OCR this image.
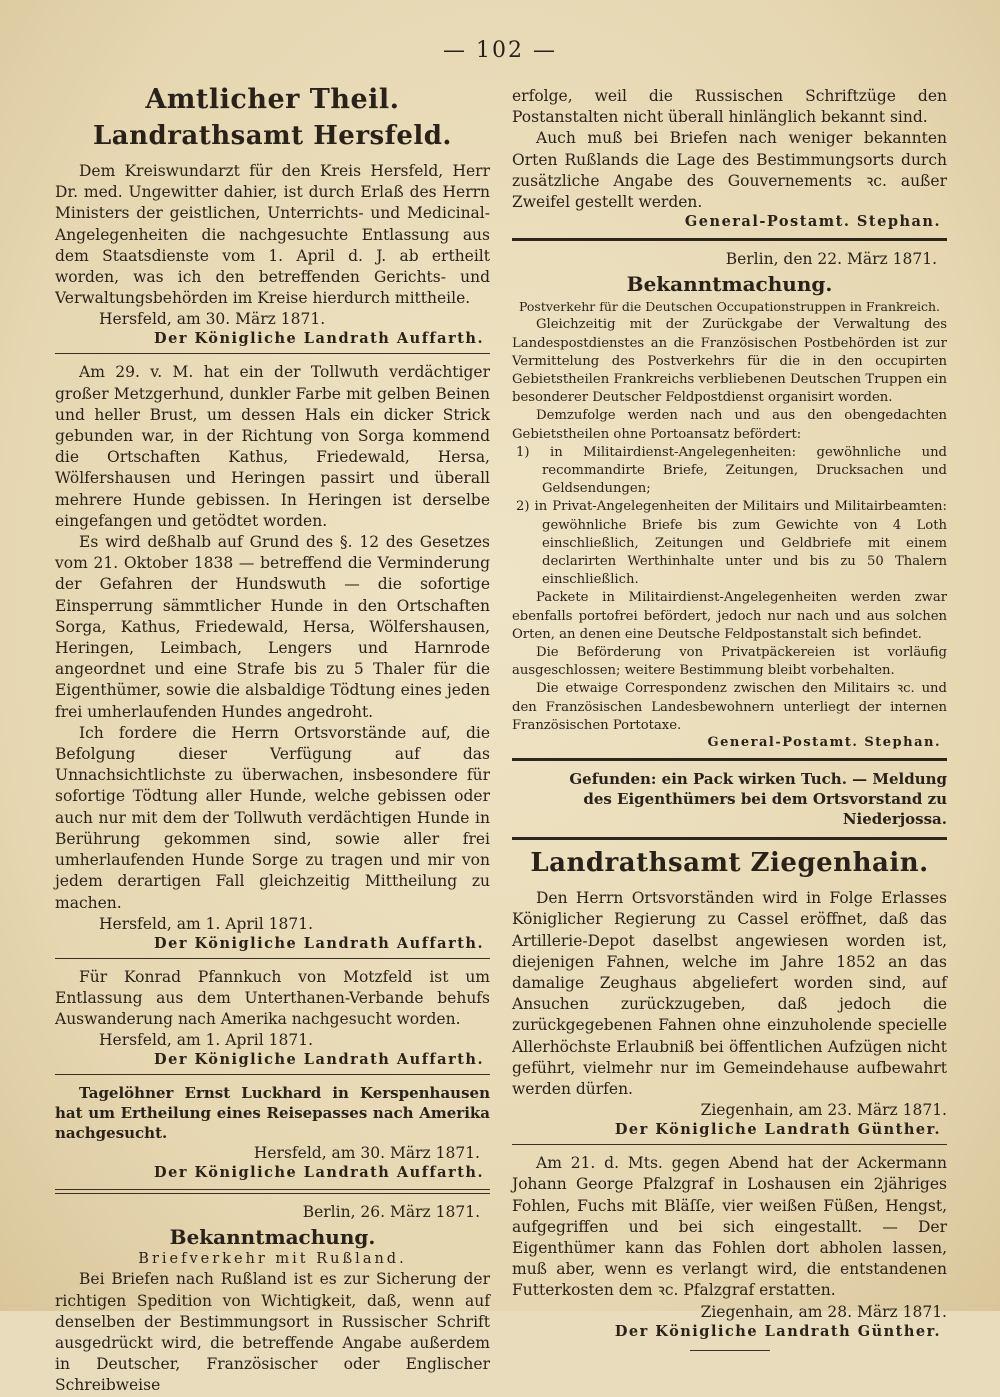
— 102 —
Amtlicher Theil.
Landrathsamt Hersfeld.

Dem Kreiswundarzt für den Kreis Hersfeld, Herr Dr. med. Ungewitter dahier, ist durch Erlaß des Herrn Ministers der geistlichen, Unterrichts- und Medicinal-Angelegenheiten die nachgesuchte Entlassung aus dem Staatsdienste vom 1. April d. J. ab ertheilt worden, was ich den betreffenden Gerichts- und Verwaltungsbehörden im Kreise hierdurch mittheile.

Hersfeld, am 30. März 1871.
Der Königliche Landrath Auffarth.

Am 29. v. M. hat ein der Tollwuth verdächtiger großer Metzgerhund, dunkler Farbe mit gelben Beinen und heller Brust, um dessen Hals ein dicker Strick gebunden war, in der Richtung von Sorga kommend die Ortschaften Kathus, Friedewald, Hersa, Wölfershausen und Heringen passirt und überall mehrere Hunde gebissen. In Heringen ist derselbe eingefangen und getödtet worden.

Es wird deßhalb auf Grund des §. 12 des Gesetzes vom 21. Oktober 1838 — betreffend die Verminderung der Gefahren der Hundswuth — die sofortige Einsperrung sämmtlicher Hunde in den Ortschaften Sorga, Kathus, Friedewald, Hersa, Wölfershausen, Heringen, Leimbach, Lengers und Harnrode angeordnet und eine Strafe bis zu 5 Thaler für die Eigenthümer, sowie die alsbaldige Tödtung eines jeden frei umherlaufenden Hundes angedroht.

Ich fordere die Herrn Ortsvorstände auf, die Befolgung dieser Verfügung auf das Unnachsichtlichste zu überwachen, insbesondere für sofortige Tödtung aller Hunde, welche gebissen oder auch nur mit dem der Tollwuth verdächtigen Hunde in Berührung gekommen sind, sowie aller frei umherlaufenden Hunde Sorge zu tragen und mir von jedem derartigen Fall gleichzeitig Mittheilung zu machen.

Hersfeld, am 1. April 1871.
Der Königliche Landrath Auffarth.

Für Konrad Pfannkuch von Motzfeld ist um Entlassung aus dem Unterthanen-Verbande behufs Auswanderung nach Amerika nachgesucht worden.

Hersfeld, am 1. April 1871.
Der Königliche Landrath Auffarth.

Tagelöhner Ernst Luckhard in Kerspenhausen hat um Ertheilung eines Reisepasses nach Amerika nachgesucht.

Hersfeld, am 30. März 1871.
Der Königliche Landrath Auffarth.
Berlin, 26. März 1871.
Bekanntmachung.
Briefverkehr mit Rußland.

Bei Briefen nach Rußland ist es zur Sicherung der richtigen Spedition von Wichtigkeit, daß, wenn auf denselben der Bestimmungsort in Russischer Schrift ausgedrückt wird, die betreffende Angabe außerdem in Deutscher, Französischer oder Englischer Schreibweise

erfolge, weil die Russischen Schriftzüge den Postanstalten nicht überall hinlänglich bekannt sind.

Auch muß bei Briefen nach weniger bekannten Orten Rußlands die Lage des Bestimmungsorts durch zusätzliche Angabe des Gouvernements ꝛc. außer Zweifel gestellt werden.

General-Postamt. Stephan.
Berlin, den 22. März 1871.
Bekanntmachung.
Postverkehr für die Deutschen Occupationstruppen in Frankreich.

Gleichzeitig mit der Zurückgabe der Verwaltung des Landespostdienstes an die Französischen Postbehörden ist zur Vermittelung des Postverkehrs für die in den occupirten Gebietstheilen Frankreichs verbliebenen Deutschen Truppen ein besonderer Deutscher Feldpostdienst organisirt worden.

Demzufolge werden nach und aus den obengedachten Gebietstheilen ohne Portoansatz befördert:

1) in Militairdienst-Angelegenheiten: gewöhnliche und recommandirte Briefe, Zeitungen, Drucksachen und Geldsendungen;

2) in Privat-Angelegenheiten der Militairs und Militairbeamten: gewöhnliche Briefe bis zum Gewichte von 4 Loth einschließlich, Zeitungen und Geldbriefe mit einem declarirten Werthinhalte unter und bis zu 50 Thalern einschließlich.

Packete in Militairdienst-Angelegenheiten werden zwar ebenfalls portofrei befördert, jedoch nur nach und aus solchen Orten, an denen eine Deutsche Feldpostanstalt sich befindet.

Die Beförderung von Privatpäckereien ist vorläufig ausgeschlossen; weitere Bestimmung bleibt vorbehalten.

Die etwaige Correspondenz zwischen den Militairs ꝛc. und den Französischen Landesbewohnern unterliegt der internen Französischen Portotaxe.

General-Postamt. Stephan.

Gefunden: ein Pack wirken Tuch. — Meldung des Eigenthümers bei dem Ortsvorstand zu Niederjossa.

Landrathsamt Ziegenhain.

Den Herrn Ortsvorständen wird in Folge Erlasses Königlicher Regierung zu Cassel eröffnet, daß das Artillerie-Depot daselbst angewiesen worden ist, diejenigen Fahnen, welche im Jahre 1852 an das damalige Zeughaus abgeliefert worden sind, auf Ansuchen zurückzugeben, daß jedoch die zurückgegebenen Fahnen ohne einzuholende specielle Allerhöchste Erlaubniß bei öffentlichen Aufzügen nicht geführt, vielmehr nur im Gemeindehause aufbewahrt werden dürfen.

Ziegenhain, am 23. März 1871.
Der Königliche Landrath Günther.

Am 21. d. Mts. gegen Abend hat der Ackermann Johann George Pfalzgraf in Loshausen ein 2jähriges Fohlen, Fuchs mit Bläſſe, vier weißen Füßen, Hengst, aufgegriffen und bei sich eingestallt. — Der Eigenthümer kann das Fohlen dort abholen lassen, muß aber, wenn es verlangt wird, die entstandenen Futterkosten dem ꝛc. Pfalzgraf erstatten.

Ziegenhain, am 28. März 1871.
Der Königliche Landrath Günther.
